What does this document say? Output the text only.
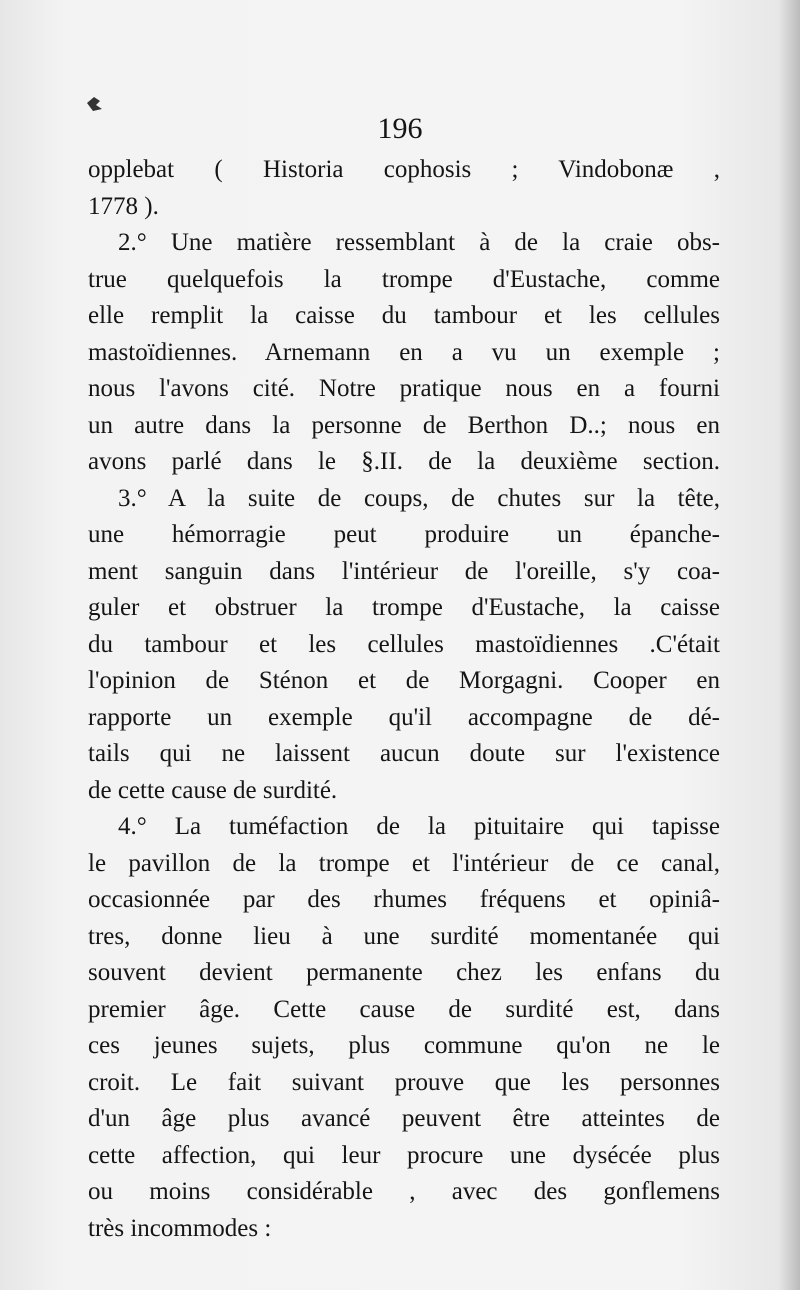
196
opplebat ( Historia cophosis ; Vindobonæ ,
1778 ).
2.° Une matière ressemblant à de la craie obs-
true quelquefois la trompe d'Eustache, comme
elle remplit la caisse du tambour et les cellules
mastoïdiennes. Arnemann en a vu un exemple ;
nous l'avons cité. Notre pratique nous en a fourni
un autre dans la personne de Berthon D..; nous en
avons parlé dans le §.II. de la deuxième section.
3.° A la suite de coups, de chutes sur la tête,
une hémorragie peut produire un épanche-
ment sanguin dans l'intérieur de l'oreille, s'y coa-
guler et obstruer la trompe d'Eustache, la caisse
du tambour et les cellules mastoïdiennes .C'était
l'opinion de Sténon et de Morgagni. Cooper en
rapporte un exemple qu'il accompagne de dé-
tails qui ne laissent aucun doute sur l'existence
de cette cause de surdité.
4.° La tuméfaction de la pituitaire qui tapisse
le pavillon de la trompe et l'intérieur de ce canal,
occasionnée par des rhumes fréquens et opiniâ-
tres, donne lieu à une surdité momentanée qui
souvent devient permanente chez les enfans du
premier âge. Cette cause de surdité est, dans
ces jeunes sujets, plus commune qu'on ne le
croit. Le fait suivant prouve que les personnes
d'un âge plus avancé peuvent être atteintes de
cette affection, qui leur procure une dysécée plus
ou moins considérable , avec des gonflemens
très incommodes :
